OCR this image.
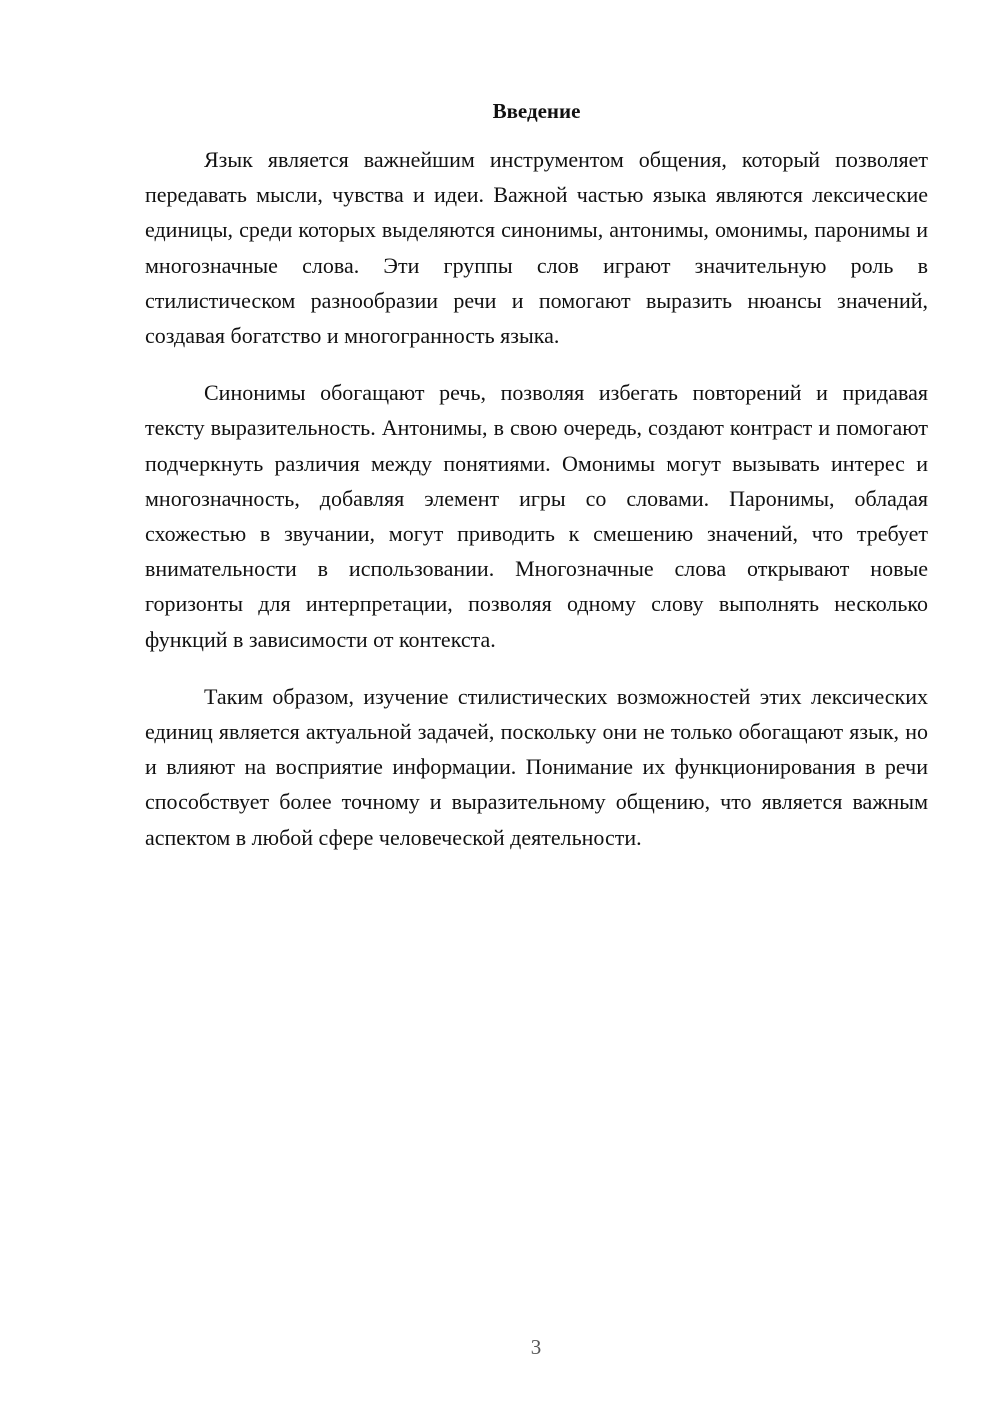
Введение

Язык является важнейшим инструментом общения, который позволяет передавать мысли, чувства и идеи. Важной частью языка являются лексические единицы, среди которых выделяются синонимы, антонимы, омонимы, паронимы и многозначные слова. Эти группы слов играют значительную роль в стилистическом разнообразии речи и помогают выразить нюансы значений, создавая богатство и многогранность языка.

Синонимы обогащают речь, позволяя избегать повторений и придавая тексту выразительность. Антонимы, в свою очередь, создают контраст и помогают подчеркнуть различия между понятиями. Омонимы могут вызывать интерес и многозначность, добавляя элемент игры со словами. Паронимы, обладая схожестью в звучании, могут приводить к смешению значений, что требует внимательности в использовании. Многозначные слова открывают новые горизонты для интерпретации, позволяя одному слову выполнять несколько функций в зависимости от контекста.

Таким образом, изучение стилистических возможностей этих лексических единиц является актуальной задачей, поскольку они не только обогащают язык, но и влияют на восприятие информации. Понимание их функционирования в речи способствует более точному и выразительному общению, что является важным аспектом в любой сфере человеческой деятельности.

3
